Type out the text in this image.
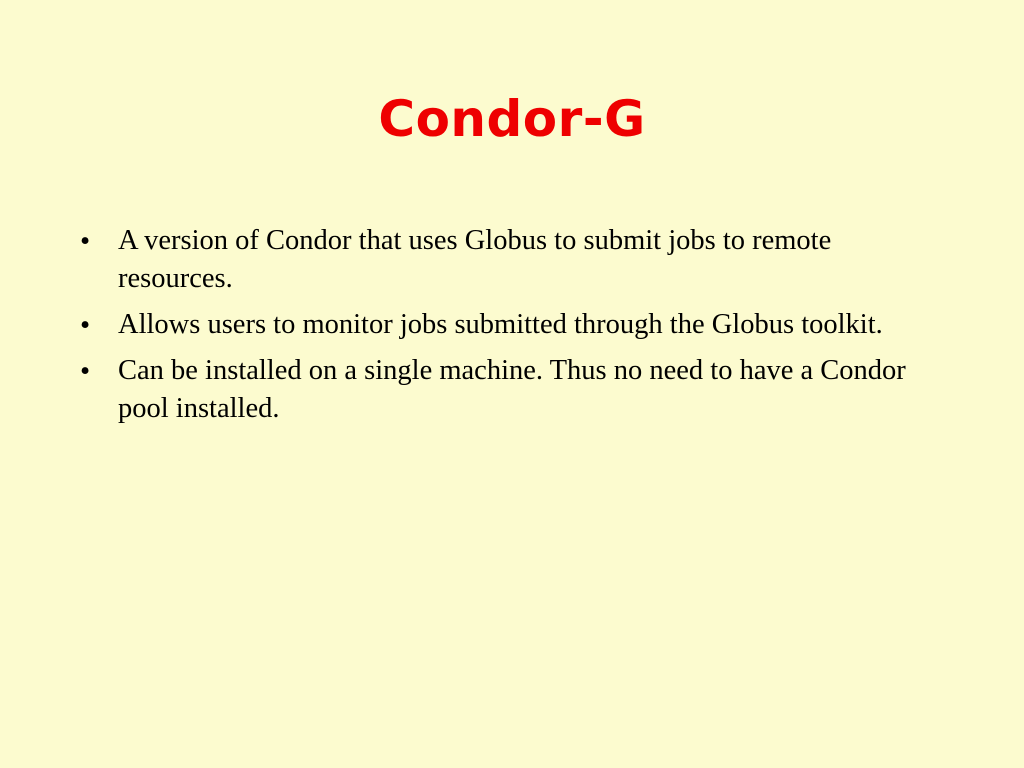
Condor-G
• A version of Condor that uses Globus to submit jobs to remote resources.
• Allows users to monitor jobs submitted through the Globus toolkit.
• Can be installed on a single machine. Thus no need to have a Condor pool installed.
